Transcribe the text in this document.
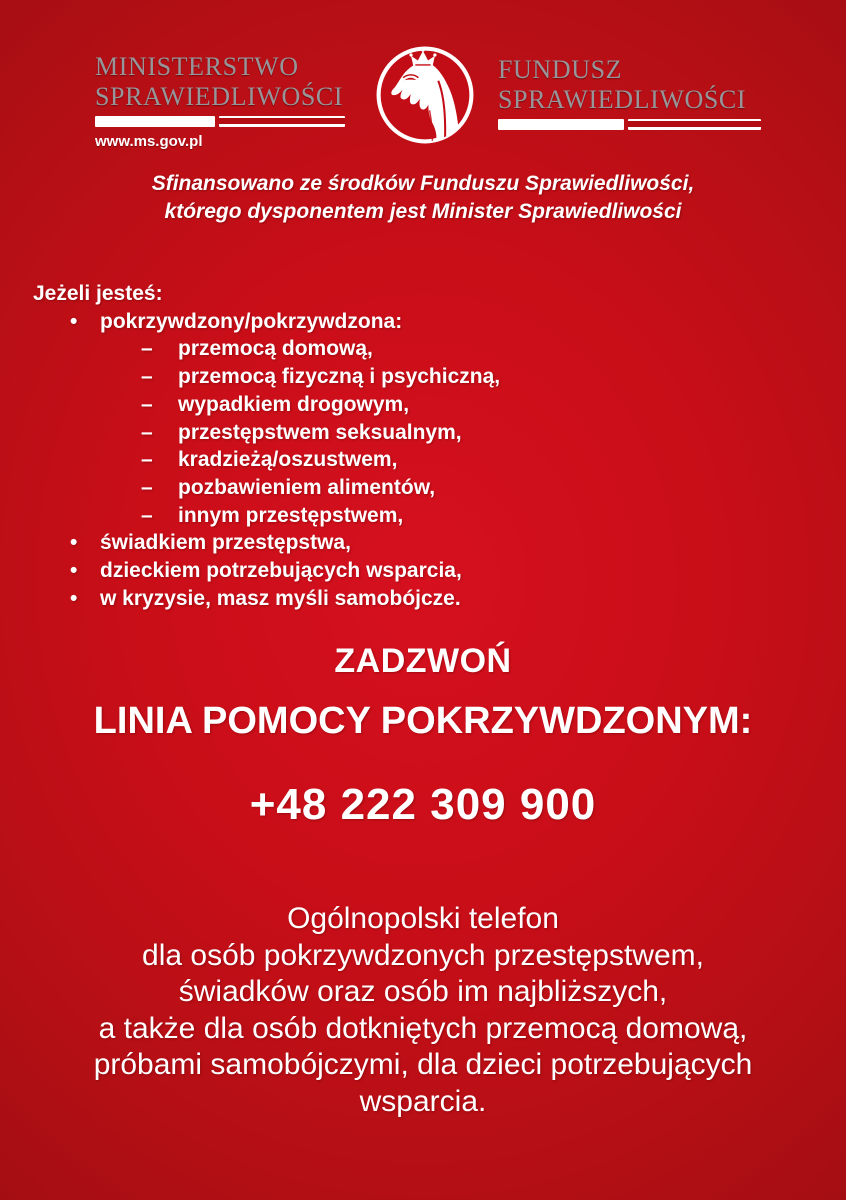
MINISTERSTWO
SPRAWIEDLIWOŚCI
www.ms.gov.pl
FUNDUSZ
SPRAWIEDLIWOŚCI
Sfinansowano ze środków Funduszu Sprawiedliwości,
którego dysponentem jest Minister Sprawiedliwości
Jeżeli jesteś:
•	pokrzywdzony/pokrzywdzona:
–	przemocą domową,
–	przemocą fizyczną i psychiczną,
–	wypadkiem drogowym,
–	przestępstwem seksualnym,
–	kradzieżą/oszustwem,
–	pozbawieniem alimentów,
–	innym przestępstwem,
•	świadkiem przestępstwa,
•	dzieckiem potrzebujących wsparcia,
•	w kryzysie, masz myśli samobójcze.
ZADZWOŃ
LINIA POMOCY POKRZYWDZONYM:
+48 222 309 900
Ogólnopolski telefon
dla osób pokrzywdzonych przestępstwem,
świadków oraz osób im najbliższych,
a także dla osób dotkniętych przemocą domową,
próbami samobójczymi, dla dzieci potrzebujących
wsparcia.
